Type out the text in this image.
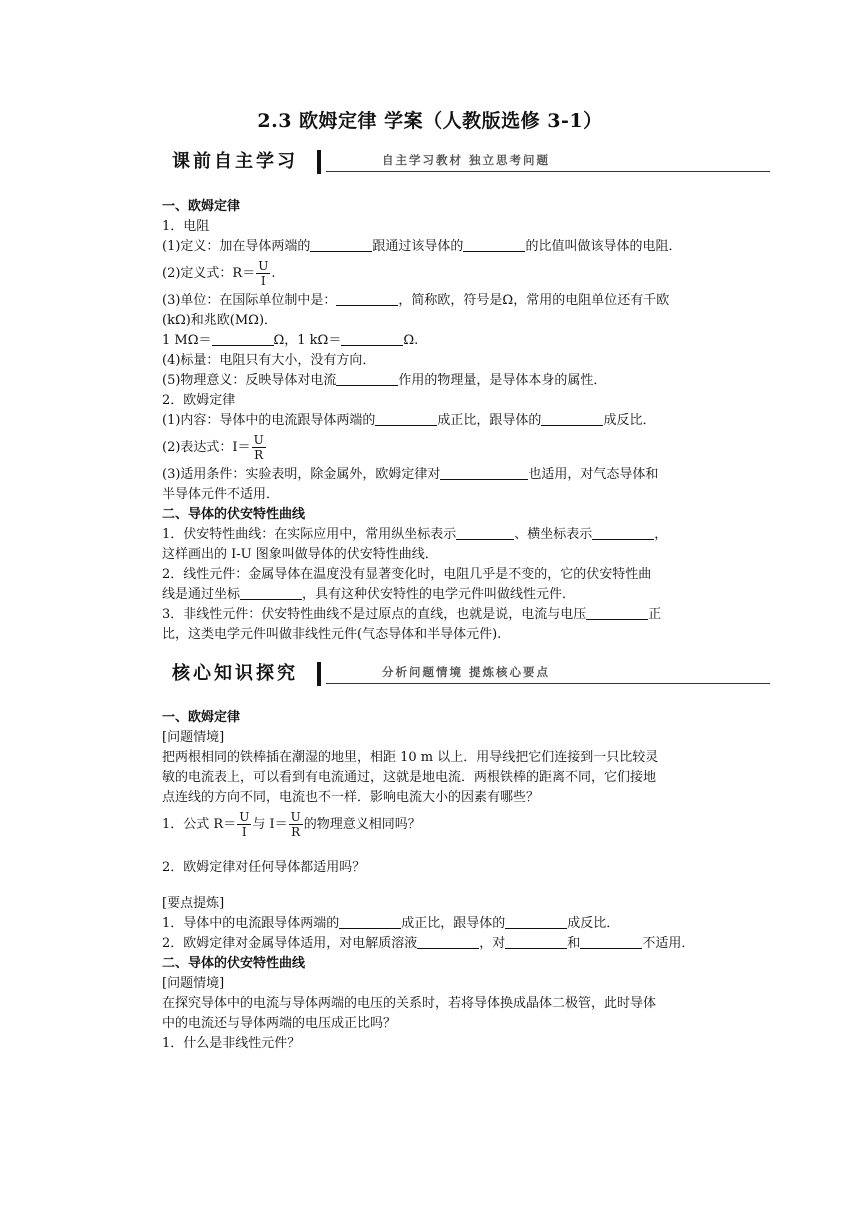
2.3 欧姆定律 学案（人教版选修 3-1）
课前自主学习	自主学习教材 独立思考问题

一、欧姆定律

1．电阻

(1)定义：加在导体两端的	跟通过该导体的	的比值叫做该导体的电阻．

(2)定义式：$R= \frac{U}{I}$ .

(3)单位：在国际单位制中是：	，简称欧，符号是Ω，常用的电阻单位还有千欧

(kΩ)和兆欧(MΩ)．

1 MΩ＝	Ω，1 kΩ＝	Ω.

(4)标量：电阻只有大小，没有方向．

(5)物理意义：反映导体对电流	作用的物理量，是导体本身的属性．

2．欧姆定律

(1)内容：导体中的电流跟导体两端的	成正比，跟导体的	成反比．

(2)表达式：$I= \frac{U}{R}$

(3)适用条件：实验表明，除金属外，欧姆定律对	也适用，对气态导体和

半导体元件不适用．

二、导体的伏安特性曲线

1．伏安特性曲线：在实际应用中，常用纵坐标表示	、横坐标表示	，

这样画出的 I-U 图象叫做导体的伏安特性曲线．

2．线性元件：金属导体在温度没有显著变化时，电阻几乎是不变的，它的伏安特性曲

线是通过坐标	，具有这种伏安特性的电学元件叫做线性元件．

3．非线性元件：伏安特性曲线不是过原点的直线，也就是说，电流与电压	正

比，这类电学元件叫做非线性元件(气态导体和半导体元件).

核心知识探究	分析问题情境 提炼核心要点

一、欧姆定律

[问题情境]

把两根相同的铁棒插在潮湿的地里，相距 10 m 以上．用导线把它们连接到一只比较灵

敏的电流表上，可以看到有电流通过，这就是地电流．两根铁棒的距离不同，它们接地

点连线的方向不同，电流也不一样．影响电流大小的因素有哪些？

1．公式 $R= \frac{U}{I}$ 与 $I= \frac{U}{R}$ 的物理意义相同吗？

2．欧姆定律对任何导体都适用吗？

[要点提炼]

1．导体中的电流跟导体两端的	成正比，跟导体的	成反比．

2．欧姆定律对金属导体适用，对电解质溶液	，对	和	不适用．

二、导体的伏安特性曲线

[问题情境]

在探究导体中的电流与导体两端的电压的关系时，若将导体换成晶体二极管，此时导体

中的电流还与导体两端的电压成正比吗？

1．什么是非线性元件？
